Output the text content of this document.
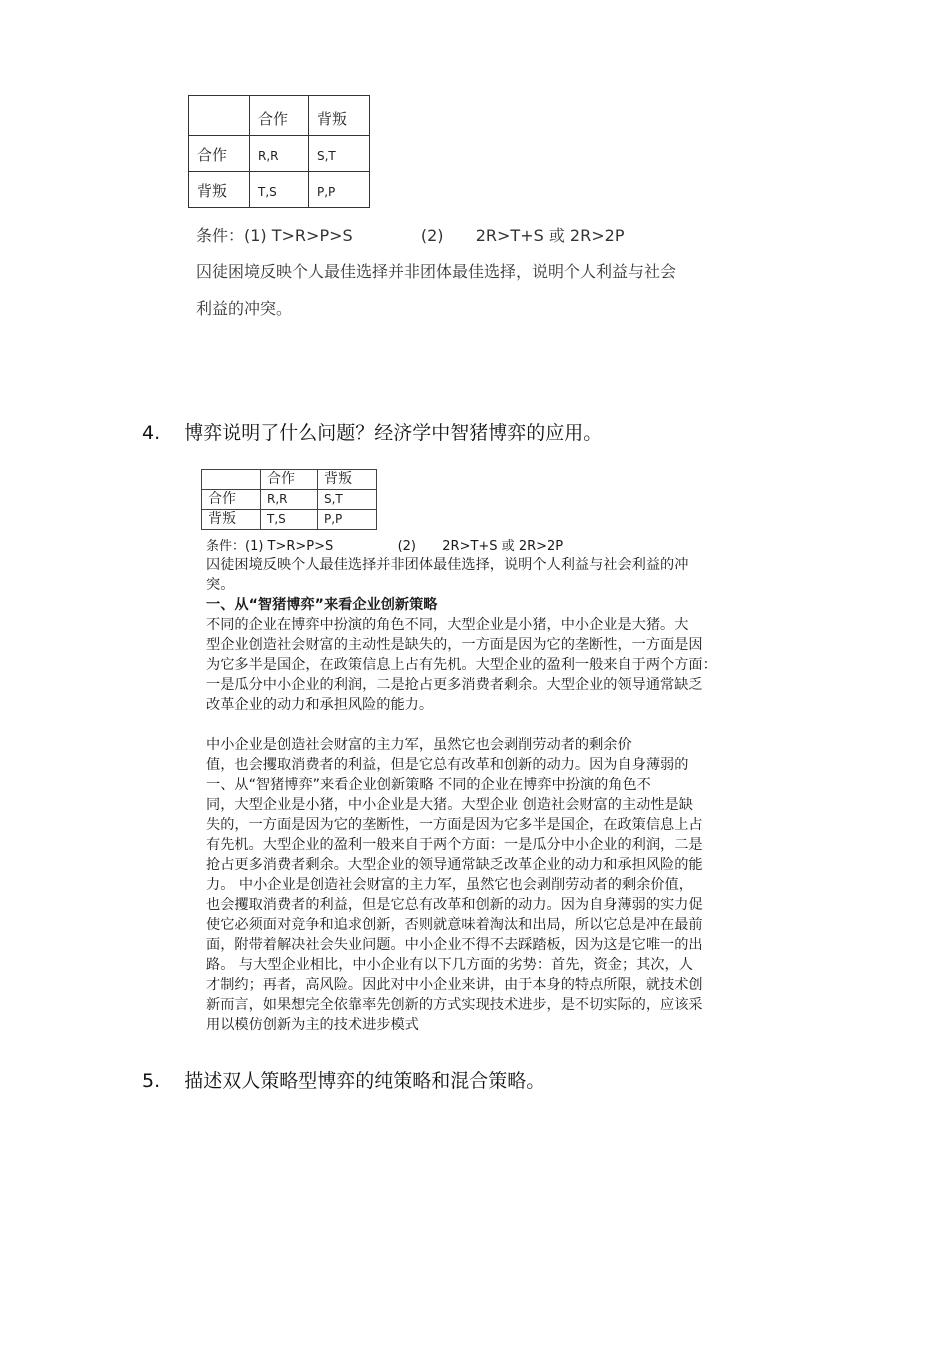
	合作	背叛
合作	R,R	S,T
背叛	T,S	P,P
条件：(1) T>R>P>S	(2) 2R>T+S 或 2R>2P
囚徒困境反映个人最佳选择并非团体最佳选择，说明个人利益与社会
利益的冲突。
4. 博弈说明了什么问题？经济学中智猪博弈的应用。
	合作	背叛
合作	R,R	S,T
背叛	T,S	P,P
条件：(1) T>R>P>S	(2) 2R>T+S 或 2R>2P
囚徒困境反映个人最佳选择并非团体最佳选择，说明个人利益与社会利益的冲
突。
一、从“智猪博弈”来看企业创新策略
不同的企业在博弈中扮演的角色不同，大型企业是小猪，中小企业是大猪。大
型企业创造社会财富的主动性是缺失的，一方面是因为它的垄断性，一方面是因
为它多半是国企，在政策信息上占有先机。大型企业的盈利一般来自于两个方面：
一是瓜分中小企业的利润，二是抢占更多消费者剩余。大型企业的领导通常缺乏
改革企业的动力和承担风险的能力。
中小企业是创造社会财富的主力军，虽然它也会剥削劳动者的剩余价
值，也会攫取消费者的利益，但是它总有改革和创新的动力。因为自身薄弱的
一、从“智猪博弈”来看企业创新策略 不同的企业在博弈中扮演的角色不
同，大型企业是小猪，中小企业是大猪。大型企业 创造社会财富的主动性是缺
失的，一方面是因为它的垄断性，一方面是因为它多半是国企，在政策信息上占
有先机。大型企业的盈利一般来自于两个方面：一是瓜分中小企业的利润，二是
抢占更多消费者剩余。大型企业的领导通常缺乏改革企业的动力和承担风险的能
力。 中小企业是创造社会财富的主力军，虽然它也会剥削劳动者的剩余价值，
也会攫取消费者的利益，但是它总有改革和创新的动力。因为自身薄弱的实力促
使它必须面对竞争和追求创新，否则就意味着淘汰和出局，所以它总是冲在最前
面，附带着解决社会失业问题。中小企业不得不去踩踏板，因为这是它唯一的出
路。 与大型企业相比，中小企业有以下几方面的劣势：首先，资金；其次，人
才制约；再者，高风险。因此对中小企业来讲，由于本身的特点所限，就技术创
新而言，如果想完全依靠率先创新的方式实现技术进步，是不切实际的，应该采
用以模仿创新为主的技术进步模式
5. 描述双人策略型博弈的纯策略和混合策略。
